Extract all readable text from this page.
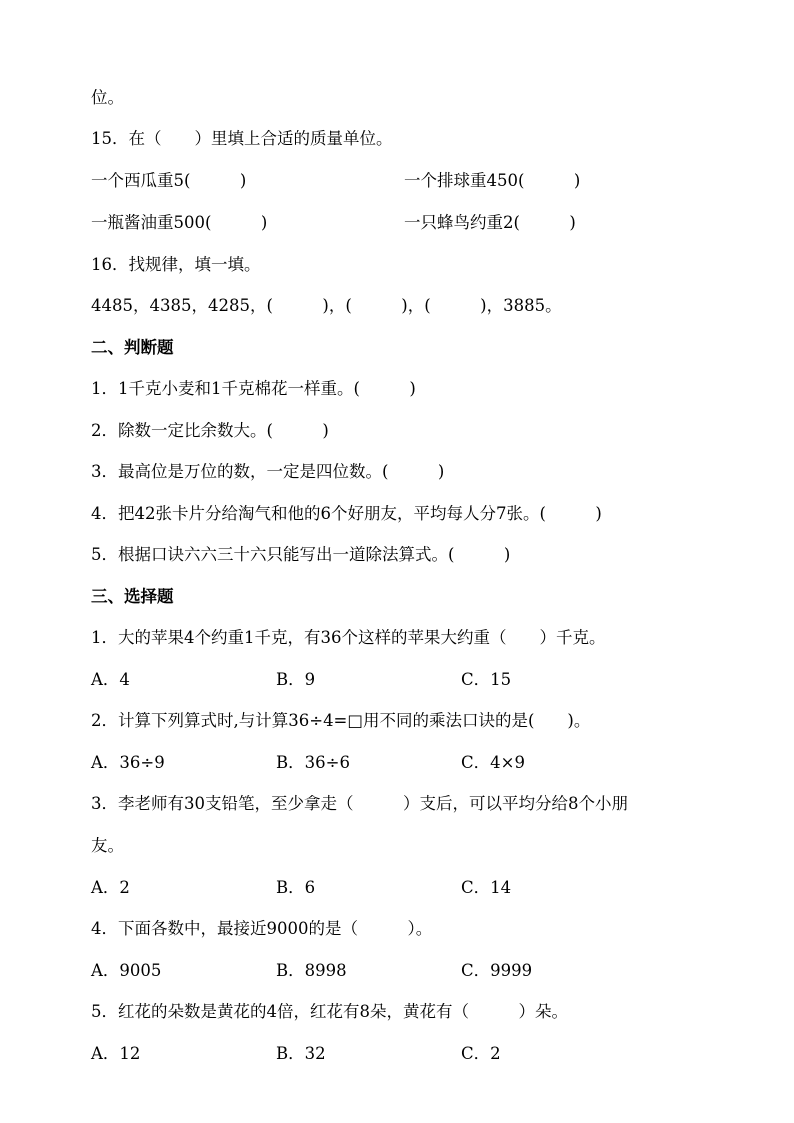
位。

15．在（　　）里填上合适的质量单位。

一个西瓜重5(　　　)	一个排球重450(　　　)

一瓶酱油重500(　　　)	一只蜂鸟约重2(　　　)

16．找规律，填一填。

4485，4385，4285，(　　　)，(　　　)，(　　　)，3885。

二、判断题

1．1千克小麦和1千克棉花一样重。(　　　)

2．除数一定比余数大。(　　　)

3．最高位是万位的数，一定是四位数。(　　　)

4．把42张卡片分给淘气和他的6个好朋友，平均每人分7张。(　　　)

5．根据口诀六六三十六只能写出一道除法算式。(　　　)

三、选择题

1．大的苹果4个约重1千克，有36个这样的苹果大约重（　　）千克。

A．4	B．9	C．15

2．计算下列算式时,与计算36÷4=□用不同的乘法口诀的是(　　)。

A．36÷9	B．36÷6	C．4×9

3．李老师有30支铅笔，至少拿走（　　　）支后，可以平均分给8个小朋

友。

A．2	B．6	C．14

4．下面各数中，最接近9000的是（　　　）。

A．9005	B．8998	C．9999

5．红花的朵数是黄花的4倍，红花有8朵，黄花有（　　　）朵。

A．12	B．32	C．2
